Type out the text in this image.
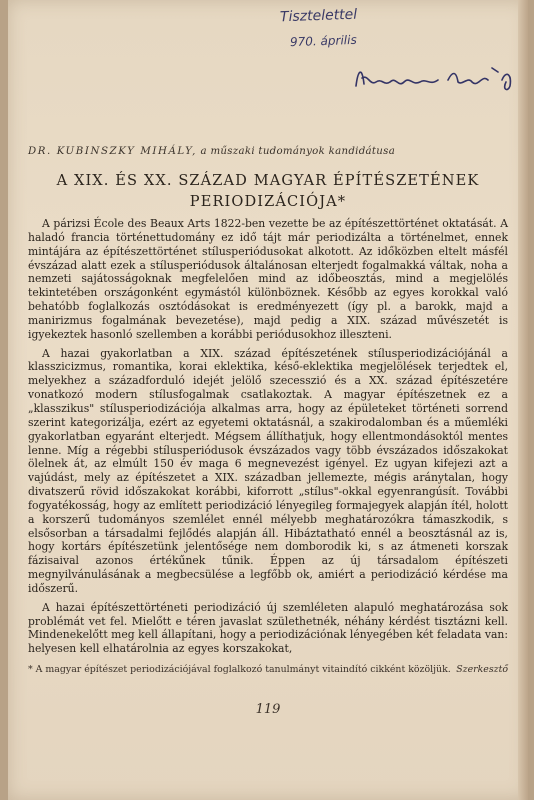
Tisztelettel
970. április
DR. KUBINSZKY MIHÁLY, a műszaki tudományok kandidátusa
A XIX. ÉS XX. SZÁZAD MAGYAR ÉPÍTÉSZETÉNEK
PERIODIZÁCIÓJA*

A párizsi École des Beaux Arts 1822-ben vezette be az építészettörténet oktatását. A haladó francia történettudomány ez idő tájt már periodizálta a történelmet, ennek mintájára az építészettörténet stílusperiódusokat alkotott. Az időközben eltelt másfél évszázad alatt ezek a stílusperiódusok általánosan elterjedt fogalmakká váltak, noha a nemzeti sajátosságoknak megfelelően mind az időbeosztás, mind a megjelölés tekintetében országonként egymástól különböznek. Később az egyes korokkal való behatóbb foglalkozás osztódásokat is eredményezett (így pl. a barokk, majd a manirizmus fogalmának bevezetése), majd pedig a XIX. század művészetét is igyekeztek hasonló szellemben a korábbi periódusokhoz illeszteni.

A hazai gyakorlatban a XIX. század építészetének stílusperiodizációjánál a klasszicizmus, romantika, korai eklektika, késő-eklektika megjelölések terjedtek el, melyekhez a századforduló idejét jelölő szecesszió és a XX. század építészetére vonatkozó modern stílusfogalmak csatlakoztak. A magyar építészetnek ez a „klasszikus" stílusperiodizációja alkalmas arra, hogy az épületeket történeti sorrend szerint kategorizálja, ezért az egyetemi oktatásnál, a szakirodalomban és a műemléki gyakorlatban egyaránt elterjedt. Mégsem állíthatjuk, hogy ellentmondásoktól mentes lenne. Míg a régebbi stílusperiódusok évszázados vagy több évszázados időszakokat ölelnek át, az elmúlt 150 év maga 6 megnevezést igényel. Ez ugyan kifejezi azt a vajúdást, mely az építészetet a XIX. században jellemezte, mégis aránytalan, hogy divatszerű rövid időszakokat korábbi, kiforrott „stílus"-okkal egyenrangúsít. További fogyatékosság, hogy az említett periodizáció lényegileg formajegyek alapján ítél, holott a korszerű tudományos szemlélet ennél mélyebb meghatározókra támaszkodik, s elsősorban a társadalmi fejlődés alapján áll. Hibáztatható ennél a beosztásnál az is, hogy kortárs építészetünk jelentősége nem domborodik ki, s az átmeneti korszak fázisaival azonos értékűnek tűnik. Éppen az új társadalom építészeti megnyilvánulásának a megbecsülése a legfőbb ok, amiért a periodizáció kérdése ma időszerű.

A hazai építészettörténeti periodizáció új szemléleten alapuló meghatározása sok problémát vet fel. Mielőtt e téren javaslat születhetnék, néhány kérdést tisztázni kell. Mindenekelőtt meg kell állapítani, hogy a periodizációnak lényegében két feladata van: helyesen kell elhatárolnia az egyes korszakokat,

* A magyar építészet periodizációjával foglalkozó tanulmányt vitaindító cikként közöljük. Szerkesztő
119
